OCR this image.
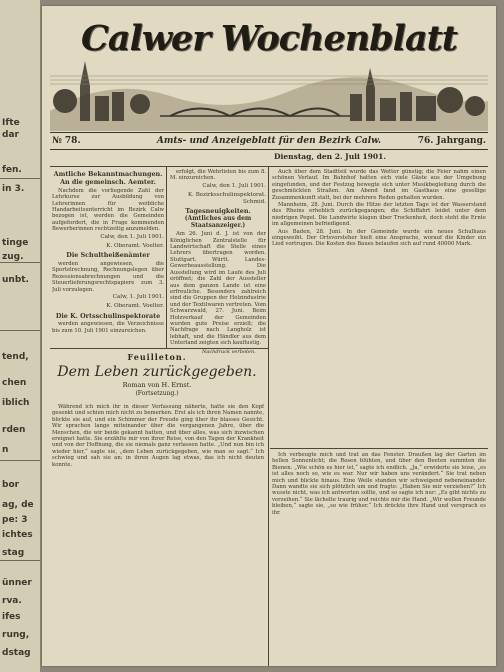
Ifte
dar
fen.
in 3.
tinge
zug.
unbt.
tend,
chen
iblich
rden
n
bor
ag, de
pe: 3
ichtes
stag
ünner
rva.
ifes
rung,
dstag
Calwer Wochenblatt
№ 78.	Amts- und Anzeigeblatt für den Bezirk Calw.	76. Jahrgang.
Dienstag, den 2. Juli 1901.
Amtliche Bekanntmachungen.
An die gemeinsch. Aemter.

Nachdem die vorliegende Zahl der Lehrkurse zur Ausbildung von Lehrerinnen für weibliche Handarbeitsunterricht im Bezirk Calw bezogen ist, werden die Gemeinden aufgefordert, die in Frage kommenden Bewerberinnen rechtzeitig anzumelden.

Calw, den 1. Juli 1901.
K. Oberamt. Voelter.
Die Schultheißenämter

werden angewiesen, die Sportelrechnung, Rechnungslegen über Rezessionsabrechnungen und die Steuerlieferungsrechtspapiere zum 3. Juli vorzulegen.

Calw, 1. Juli 1901.
K. Oberamt. Voelter.
Die K. Ortsschulinspektorate

werden angewiesen, die Verzeichnisse bis zum 10. Juli 1901 einzureichen.

erfolgt, die Wehrlisten bis zum 8. M. einzureichen.

Calw, den 1. Juli 1901.
K. Bezirksschulinspektorat. Schmid.
Tagesneuigkeiten.
(Amtliches aus dem Staatsanzeiger.)

Am 26. Juni d. J. ist von der Königlichen Zentralstelle für Landwirtschaft die Stelle eines Lehrers übertragen worden. Stuttgart. Württ. Landes-Gewerbeausstellung. Die Ausstellung wird im Laufe des Juli eröffnet; die Zahl der Aussteller aus dem ganzen Lande ist eine erfreuliche. Besonders zahlreich sind die Gruppen der Holzindustrie und der Textilwaren vertreten. Vom Schwarzwald, 27. Juni. Beim Holzverkauf der Gemeinden wurden gute Preise erzielt; die Nachfrage nach Langholz ist lebhaft, und die Händler aus dem Unterland zeigten sich kauflustig.

Auch über dem Stadtteil wurde das Wetter günstig; die Feier nahm einen schönen Verlauf. Im Bahnhof hatten sich viele Gäste aus der Umgebung eingefunden, und der Festzug bewegte sich unter Musikbegleitung durch die geschmückten Straßen. Am Abend fand im Gasthaus eine gesellige Zusammenkunft statt, bei der mehrere Reden gehalten wurden.

Mannheim, 28. Juni. Durch die Hitze der letzten Tage ist der Wasserstand des Rheins erheblich zurückgegangen; die Schiffahrt leidet unter dem niedrigen Pegel. Die Landwirte klagen über Trockenheit, doch steht die Ernte im allgemeinen befriedigend.

Aus Baden, 28. Juni. In der Gemeinde wurde ein neues Schulhaus eingeweiht. Der Ortsvorsteher hielt eine Ansprache, worauf die Kinder ein Lied vortrugen. Die Kosten des Baues belaufen sich auf rund 40000 Mark.

Nachdruck verboten.
Feuilleton.
Dem Leben zurückgegeben.
Roman von H. Ernst.
(Fortsetzung.)

Während ich mich ihr in dieser Verfassung näherte, hatte sie den Kopf gesenkt und schien mich nicht zu bemerken. Erst als ich ihren Namen nannte, blickte sie auf, und ein Schimmer der Freude ging über ihr blasses Gesicht. Wir sprachen lange miteinander über die vergangenen Jahre, über die Menschen, die wir beide gekannt hatten, und über alles, was sich inzwischen ereignet hatte. Sie erzählte mir von ihrer Reise, von den Tagen der Krankheit und von der Hoffnung, die sie niemals ganz verlassen hatte. „Und nun bin ich wieder hier,“ sagte sie, „dem Leben zurückgegeben, wie man so sagt.“ Ich schwieg und sah sie an; in ihren Augen lag etwas, das ich nicht deuten konnte.

Ich verbeugte mich und trat an das Fenster. Draußen lag der Garten im hellen Sonnenlicht; die Rosen blühten, und über den Beeten summten die Bienen. „Wie schön es hier ist,“ sagte ich endlich. „Ja,“ erwiderte sie leise, „es ist alles noch so, wie es war. Nur wir haben uns verändert.“ Sie trat neben mich und blickte hinaus. Eine Weile standen wir schweigend nebeneinander. Dann wandte sie sich plötzlich um und fragte: „Haben Sie mir verziehen?“ Ich wusste nicht, was ich antworten sollte, und so sagte ich nur: „Es gibt nichts zu verzeihen.“ Sie lächelte traurig und reichte mir die Hand. „Wir wollen Freunde bleiben,“ sagte sie, „so wie früher.“ Ich drückte ihre Hand und versprach es ihr.
